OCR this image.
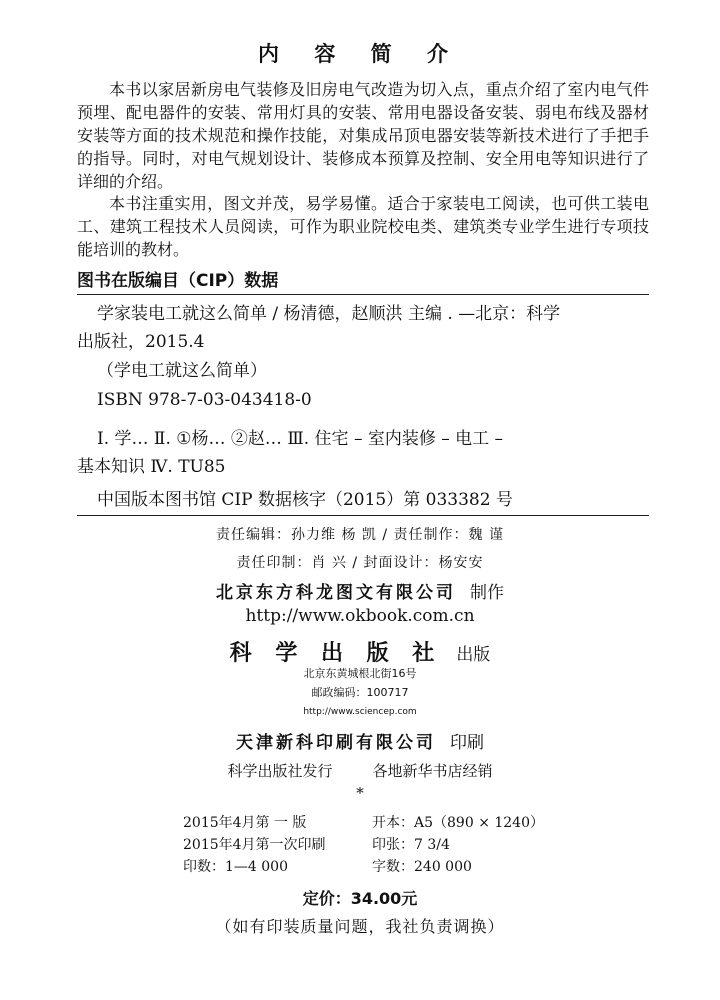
内 容 简 介
本书以家居新房电气装修及旧房电气改造为切入点，重点介绍了室内电气件预埋、配电器件的安装、常用灯具的安装、常用电器设备安装、弱电布线及器材安装等方面的技术规范和操作技能，对集成吊顶电器安装等新技术进行了手把手的指导。同时，对电气规划设计、装修成本预算及控制、安全用电等知识进行了详细的介绍。
本书注重实用，图文并茂，易学易懂。适合于家装电工阅读，也可供工装电工、建筑工程技术人员阅读，可作为职业院校电类、建筑类专业学生进行专项技能培训的教材。
图书在版编目（CIP）数据
学家装电工就这么简单 / 杨清德，赵顺洪 主编 . —北京：科学
出版社，2015.4
（学电工就这么简单）
ISBN 978-7-03-043418-0
Ⅰ. 学… Ⅱ. ①杨… ②赵… Ⅲ. 住宅 – 室内装修 – 电工 –
基本知识 Ⅳ. TU85
中国版本图书馆 CIP 数据核字（2015）第 033382 号
责任编辑：孙力维 杨 凯 / 责任制作：魏 谨
责任印制：肖 兴 / 封面设计：杨安安
北京东方科龙图文有限公司 制作
http://www.okbook.com.cn
科 学 出 版 社 出版
北京东黄城根北街16号
邮政编码：100717
http://www.sciencep.com
天津新科印刷有限公司 印刷
科学出版社发行	各地新华书店经销
*
2015年4月第 一 版	开本：A5（890 × 1240）
2015年4月第一次印刷	印张：7 3/4
印数：1—4 000	字数：240 000
定价：34.00元
（如有印装质量问题，我社负责调换）
